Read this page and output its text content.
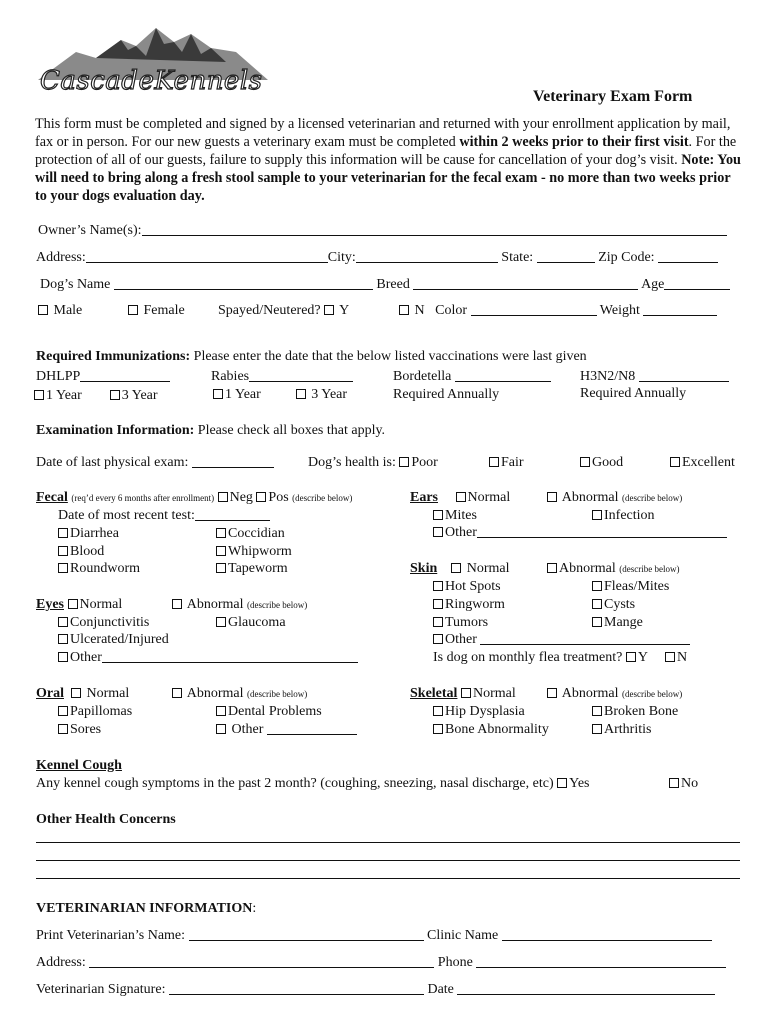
CascadeKennels
Veterinary Exam Form
This form must be completed and signed by a licensed veterinarian and returned with your enrollment application by mail, fax or in person. For our new guests a veterinary exam must be completed within 2 weeks prior to their first visit. For the protection of all of our guests, failure to supply this information will be cause for cancellation of your dog’s visit. Note: You will need to bring along a fresh stool sample to your veterinarian for the fecal exam - no more than two weeks prior to your dogs evaluation day.
Owner’s Name(s):
Address:	City:	State:	Zip Code:
Dog’s Name	Breed	Age
Male	Female Spayed/Neutered? Y	N Color	Weight
Required Immunizations: Please enter the date that the below listed vaccinations were last given
DHLPP
1 Year	3 Year
Rabies
1 Year	3 Year
Bordetella
Required Annually
H3N2/N8
Required Annually
Examination Information: Please check all boxes that apply.
Date of last physical exam:	Dog’s health is: Poor	Fair	Good	Excellent
Fecal (req’d every 6 months after enrollment) Neg Pos (describe below)
Date of most recent test:
Diarrhea	Coccidian
Blood	Whipworm
Roundworm	Tapeworm
Ears Normal	Abnormal (describe below)
Mites	Infection
Other
Skin Normal	Abnormal (describe below)
Hot Spots	Fleas/Mites
Ringworm	Cysts
Tumors	Mange
Other
Is dog on monthly flea treatment? Y N
Eyes Normal	Abnormal (describe below)
Conjunctivitis	Glaucoma
Ulcerated/Injured
Other
Oral Normal	Abnormal (describe below)
Papillomas	Dental Problems
Sores	Other
Skeletal Normal	Abnormal (describe below)
Hip Dysplasia	Broken Bone
Bone Abnormality	Arthritis
Kennel Cough
Any kennel cough symptoms in the past 2 month? (coughing, sneezing, nasal discharge, etc) Yes	No
Other Health Concerns
VETERINARIAN INFORMATION:
Print Veterinarian’s Name:	Clinic Name
Address:	Phone
Veterinarian Signature:	Date
